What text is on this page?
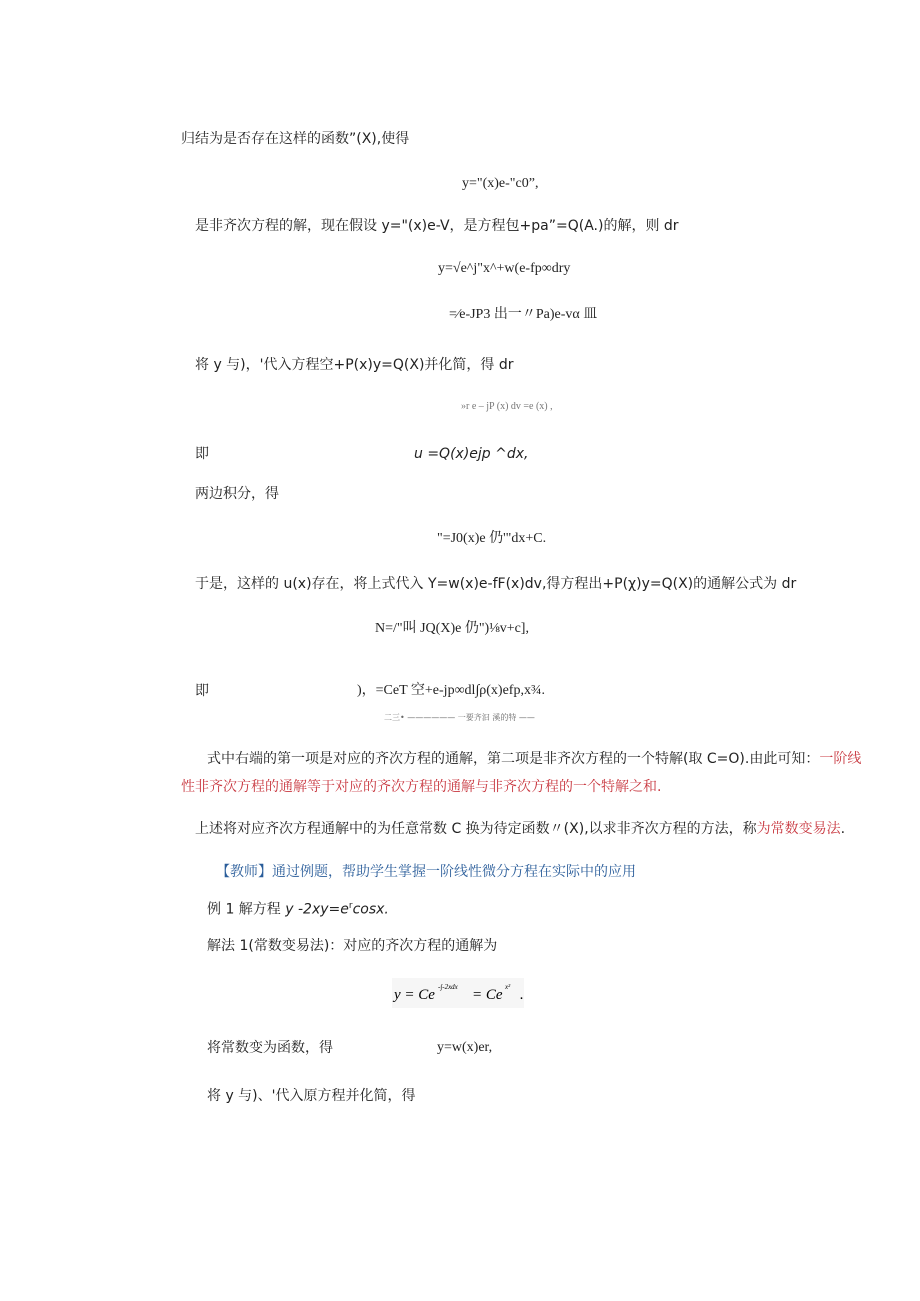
归结为是否存在这样的函数”(X),使得
y="(x)e-"c0”,
是非齐次方程的解，现在假设 y="(x)e-V，是方程包+pa”=Q(A.)的解，则 dr
y=√e^j"x^+w(e-fp∞dry
=⁄e-JP3 出一〃Pa)e-vα 皿
将 y 与)，'代入方程空+P(x)y=Q(X)并化简，得 dr
»r e – jP (x) dv =e (x) ,
即	u =Q(x)ejp ^dx,
两边积分，得
"=J0(x)e 仍'"dx+C.
于是，这样的 u(x)存在，将上式代入 Y=w(x)e-fF(x)dv,得方程出+P(χ)y=Q(X)的通解公式为 dr
N=/"叫 JQ(X)e 仍")⅛v+c],
即	)，=CeT 空+e-jp∞dl∫ρ(x)efp,x¾.
二三• —————— 一要齐汩 溪的特 ——
式中右端的第一项是对应的齐次方程的通解，第二项是非齐次方程的一个特解(取 C=O).由此可知：一阶线
性非齐次方程的通解等于对应的齐次方程的通解与非齐次方程的一个特解之和.
上述将对应齐次方程通解中的为任意常数 C 换为待定函数〃(X),以求非齐次方程的方法，称为常数变易法.
【教师】通过例题，帮助学生掌握一阶线性微分方程在实际中的应用
例 1 解方程 y $-2xy=e^r\cos x$.
解法 1(常数变易法)：对应的齐次方程的通解为
y = Ce -∫-2xdx = Ce x² .
将常数变为函数，得	y=w(x)er,
将 y 与)、'代入原方程并化简，得
